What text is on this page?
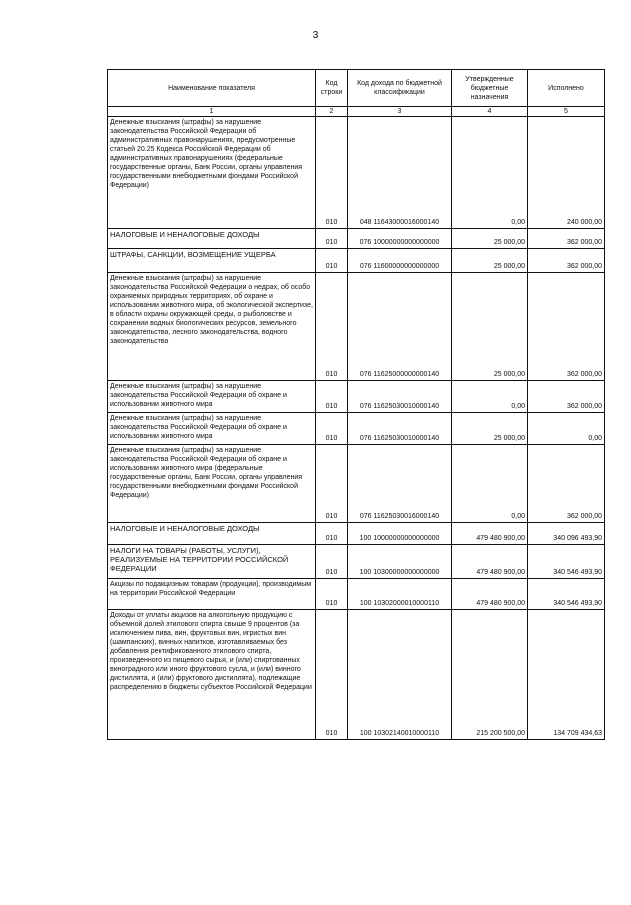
3
Наименование показателя	Код строки	Код дохода по бюджетной классификации	Утвержденные бюджетные назначения	Исполнено
1	2	3	4	5
Денежные взыскания (штрафы) за нарушение законодательства Российской Федерации об административных правонарушениях, предусмотренные статьей 20.25 Кодекса Российской Федерации об административных правонарушениях (федеральные государственные органы, Банк России, органы управления государственными внебюджетными фондами Российской Федерации)	010	048 11643000016000140	0,00	240 000,00
НАЛОГОВЫЕ И НЕНАЛОГОВЫЕ ДОХОДЫ	010	076 10000000000000000	25 000,00	362 000,00
ШТРАФЫ, САНКЦИИ, ВОЗМЕЩЕНИЕ УЩЕРБА	010	076 11600000000000000	25 000,00	362 000,00
Денежные взыскания (штрафы) за нарушение законодательства Российской Федерации о недрах, об особо охраняемых природных территориях, об охране и использовании животного мира, об экологической экспертизе, в области охраны окружающей среды, о рыболовстве и сохранении водных биологических ресурсов, земельного законодательства, лесного законодательства, водного законодательства	010	076 11625000000000140	25 000,00	362 000,00
Денежные взыскания (штрафы) за нарушение законодательства Российской Федерации об охране и использовании животного мира	010	076 11625030010000140	0,00	362 000,00
Денежные взыскания (штрафы) за нарушение законодательства Российской Федерации об охране и использовании животного мира	010	076 11625030010000140	25 000,00	0,00
Денежные взыскания (штрафы) за нарушение законодательства Российской Федерации об охране и использовании животного мира (федеральные государственные органы, Банк России, органы управления государственными внебюджетными фондами Российской Федерации)	010	076 11625030016000140	0,00	362 000,00
НАЛОГОВЫЕ И НЕНАЛОГОВЫЕ ДОХОДЫ	010	100 10000000000000000	479 480 900,00	340 096 493,90
НАЛОГИ НА ТОВАРЫ (РАБОТЫ, УСЛУГИ), РЕАЛИЗУЕМЫЕ НА ТЕРРИТОРИИ РОССИЙСКОЙ ФЕДЕРАЦИИ	010	100 10300000000000000	479 480 900,00	340 546 493,90
Акцизы по подакцизным товарам (продукции), производимым на территории Российской Федерации	010	100 10302000010000110	479 480 900,00	340 546 493,90
Доходы от уплаты акцизов на алкогольную продукцию с объемной долей этилового спирта свыше 9 процентов (за исключением пива, вин, фруктовых вин, игристых вин (шампанских), винных напитков, изготавливаемых без добавления ректификованного этилового спирта, произведенного из пищевого сырья, и (или) спиртованных виноградного или иного фруктового сусла, и (или) винного дистиллята, и (или) фруктового дистиллята), подлежащие распределению в бюджеты субъектов Российской Федерации	010	100 10302140010000110	215 200 500,00	134 709 434,63
